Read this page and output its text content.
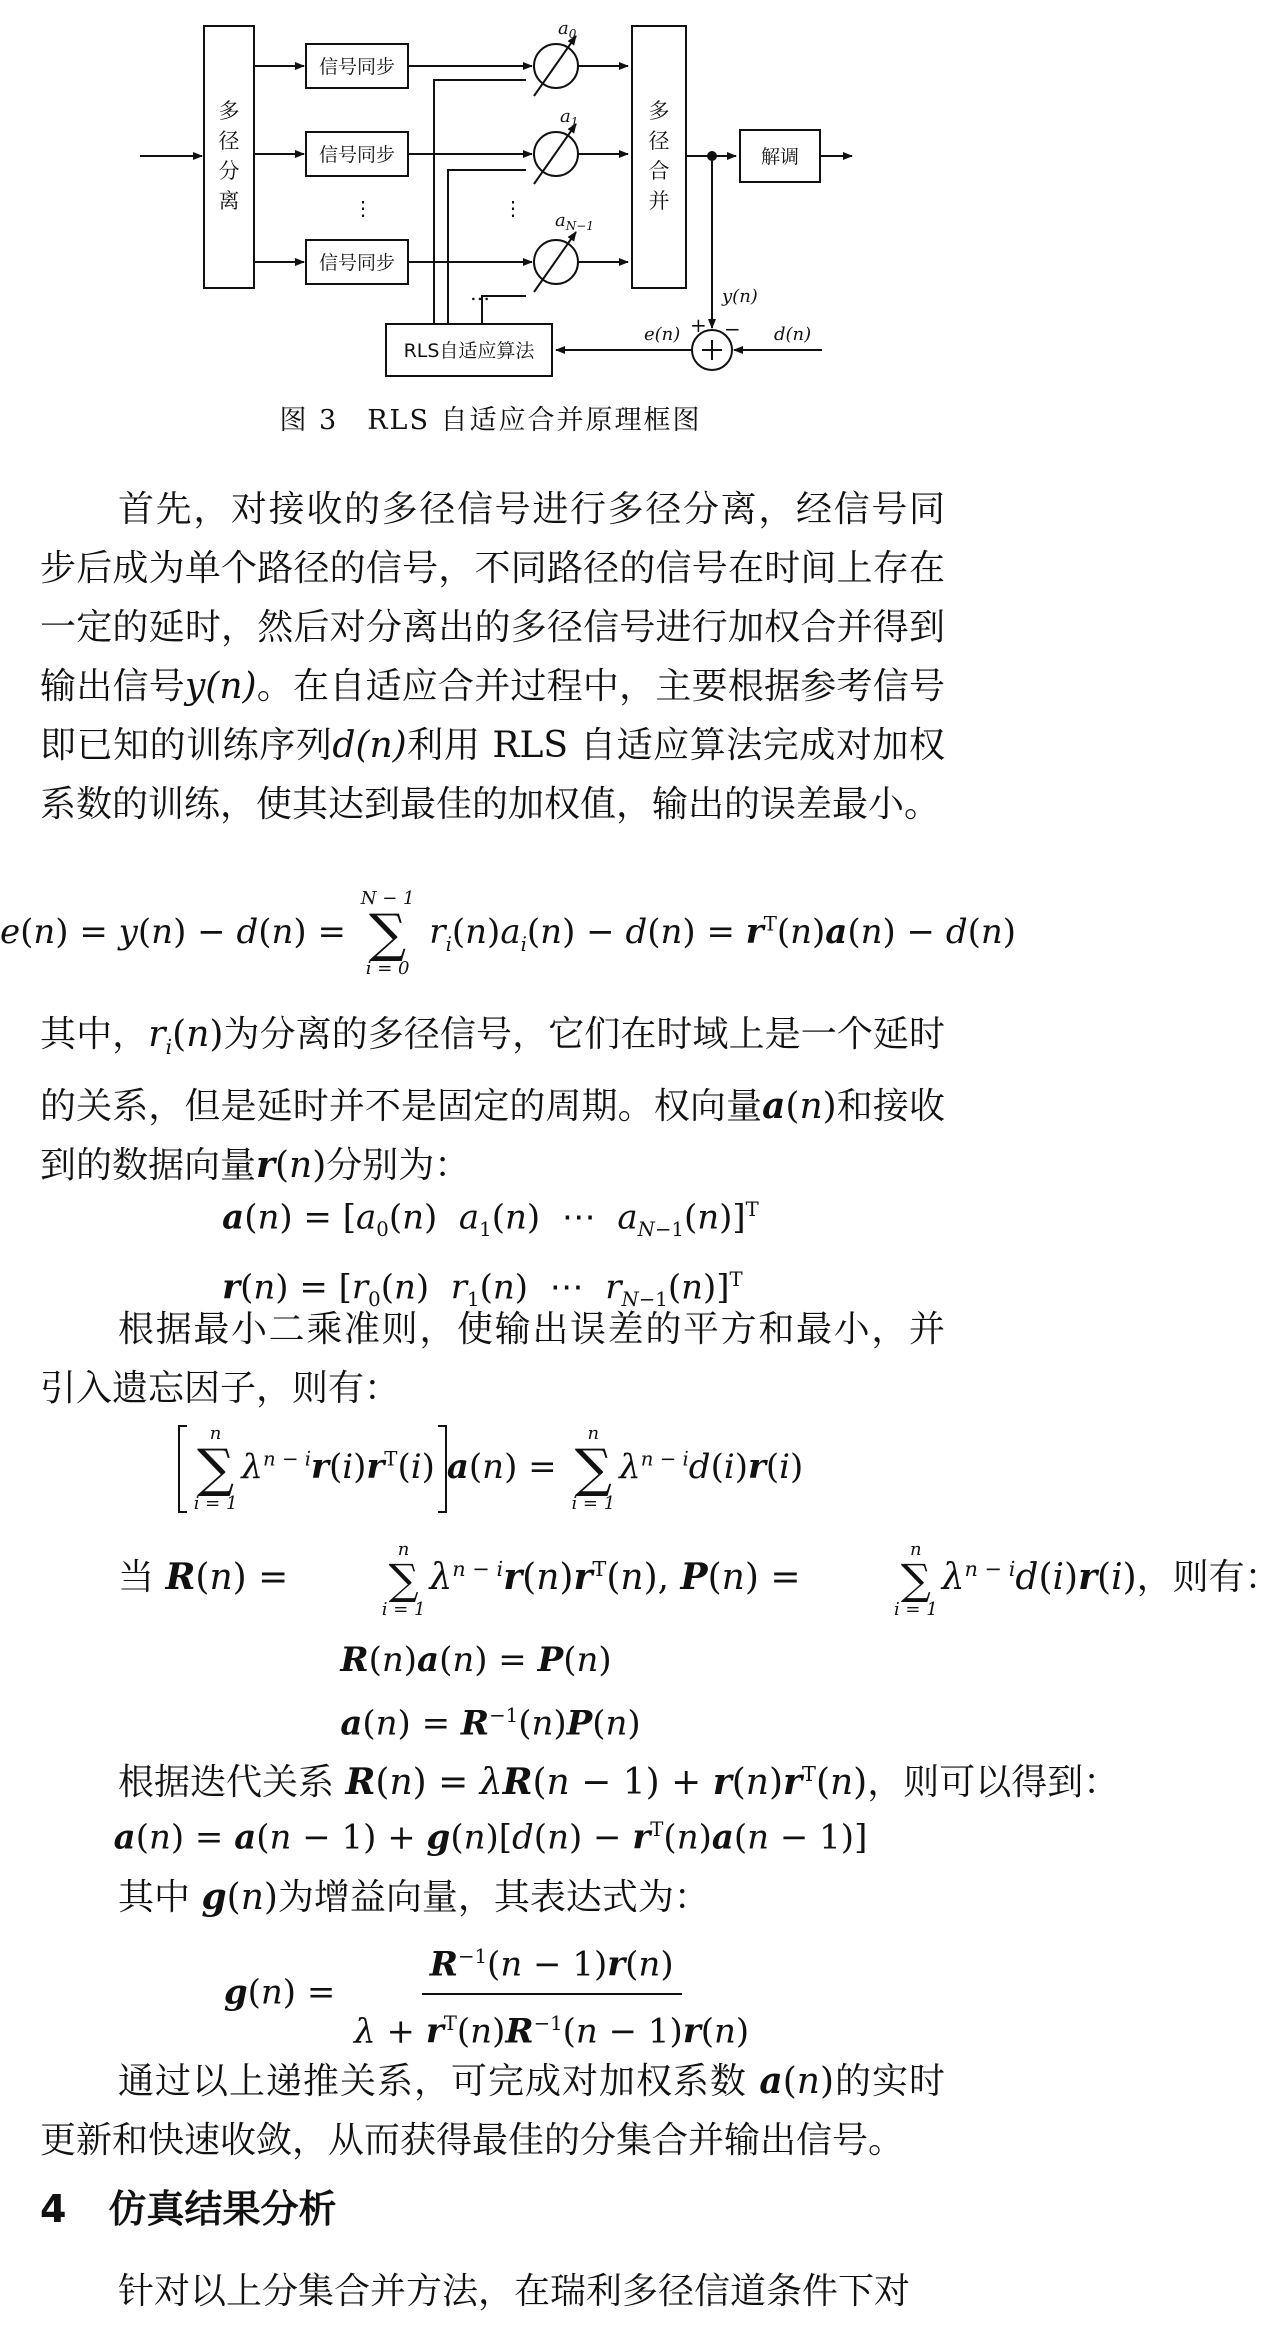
信号同步
信号同步
信号同步
解调
RLS自适应算法
多
径
分
离
多
径
合
并
$a_0$
$a_1$
$a_{N-1}$
y(n)
e(n)	d(n)
+ −
⋮	⋮
…
图 3　RLS 自适应合并原理框图
首先，对接收的多径信号进行多径分离，经信号同步后成为单个路径的信号，不同路径的信号在时间上存在一定的延时，然后对分离出的多径信号进行加权合并得到输出信号y(n)。在自适应合并过程中，主要根据参考信号即已知的训练序列d(n)利用 RLS 自适应算法完成对加权系数的训练，使其达到最佳的加权值，输出的误差最小。
e(n) = y(n) − d(n) =
N − 1
∑
i = 0
$r_i(n)a_i(n) - d(n) = r^T(n)a(n) - d(n)$
其中，$r_i(n)$为分离的多径信号，它们在时域上是一个延时的关系，但是延时并不是固定的周期。权向量a(n)和接收到的数据向量r(n)分别为：
$a(n) = [a_0(n)$  $a_1(n)$  ⋯  $a_{N-1}(n)]^T$
$r(n) = [r_0(n)$  $r_1(n)$  ⋯  $r_{N-1}(n)]^T$
根据最小二乘准则，使输出误差的平方和最小，并引入遗忘因子，则有：
n
∑
i = 1
$\lambda^{n - i}r(i)r^T(i) a(n)$ =
n
∑
i = 1
$\lambda^{n - i}d(i)r(i)$
当 R(n) =
n
∑
i = 1
$\lambda^{n - i}r(n)r^T(n)$, P(n) =
n
∑
i = 1
$\lambda^{n - i}d(i)r(i)$，则有：
R(n)a(n) = P(n)
$a(n) = R^{-1}(n)P(n)$
根据迭代关系 $R(n) = \lambda R(n - 1) + r(n)r^T(n)$，则可以得到：
$a(n) = a(n - 1) + g(n)[d(n) - r^T(n)a(n - 1)]$
其中 g(n)为增益向量，其表达式为：
$g(n) = \frac{R^{-1}(n - 1)r(n)}{\lambda + r^T(n)R^{-1}(n - 1)r(n)}$
通过以上递推关系，可完成对加权系数 a(n)的实时更新和快速收敛，从而获得最佳的分集合并输出信号。
4 仿真结果分析
针对以上分集合并方法，在瑞利多径信道条件下对
